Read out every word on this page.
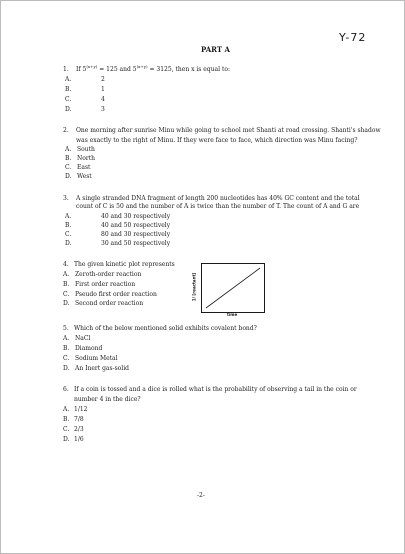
Y-72
PART A
1. If $5^{(x+y)} = 125$ and $5^{(x+y)} = 3125$, then x is equal to:
A.	2
B.	1
C.	4
D.	3
2. One morning after sunrise Minu while going to school met Shanti at road crossing. Shanti's shadow
was exactly to the right of Minu. If they were face to face, which direction was Minu facing?
A. South
B. North
C. East
D. West
3. A single stranded DNA fragment of length 200 nucleotides has 40% GC content and the total
count of C is 50 and the number of A is twice than the number of T. The count of A and G are
A.	40 and 30 respectively
B.	40 and 50 respectively
C.	80 and 30 respectively
D.	30 and 50 respectively
4. The given kinetic plot represents
A. Zeroth-order reaction
B. First order reaction
C. Pseudo first order reaction
D. Second order reaction
1/ [reactant]
time
5. Which of the below mentioned solid exhibits covalent bond?
A. NaCl
B. Diamond
C. Sodium Metal
D. An Inert gas-solid
6. If a coin is tossed and a dice is rolled what is the probability of observing a tail in the coin or
number 4 in the dice?
A. 1/12
B. 7/8
C. 2/3
D. 1/6
-2-
